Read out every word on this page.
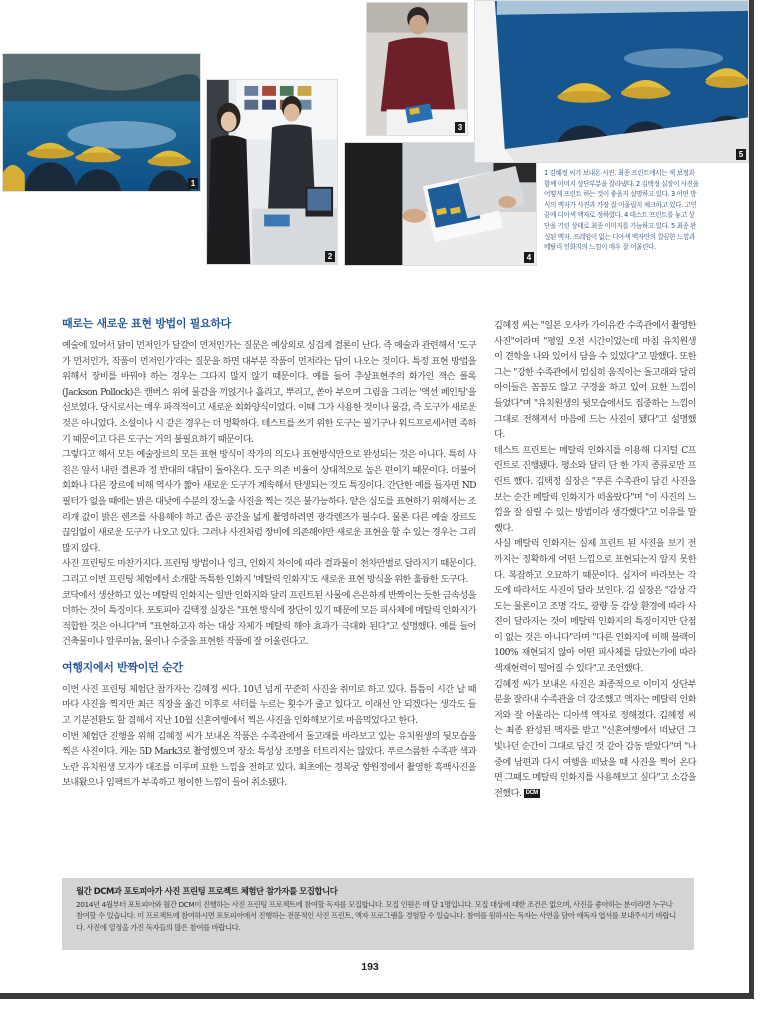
1
2
3
4
5
1 김혜정 씨가 보내온 사진. 최종 프린트에서는 색 보정과 함께 이미지 상단부분을 잘라냈다. 2 김택정 실장이 사진을 어떻게 프린트 하는 것이 좋을지 설명하고 있다. 3 어떤 방식의 액자가 사진과 가장 잘 어울릴지 체크하고 있다. 고민 끝에 디아섹 액자로 정하였다. 4 테스트 프린트를 놓고 상단을 기린 상태로 최종 이미지를 가늠하고 있다. 5 최종 완성된 액자. 프레임이 없는 디아섹 액자만의 깔끔한 느낌과 메탈릭 인화지의 느낌이 매우 잘 어울린다.
때로는 새로운 표현 방법이 필요하다

예술에 있어서 닭이 먼저인가 달걀이 먼저인가는 질문은 예상외로 싱겁게 결론이 난다. 즉 예술과 관련해서 '도구가 먼저인가, 작품이 먼저인가'라는 질문을 하면 대부분 작품이 먼저라는 답이 나오는 것이다. 특정 표현 방법을 위해서 장비를 바꿔야 하는 경우는 그다지 많지 않기 때문이다. 예를 들어 추상표현주의 화가인 잭슨 폴록(Jackson Pollock)은 캔버스 위에 물감을 끼얹거나 흘리고, 뿌리고, 쏟아 부으며 그림을 그리는 '액션 페인팅'을 선보였다. 당시로서는 매우 파격적이고 새로운 회화양식이었다. 이때 그가 사용한 것이나 물감, 즉 도구가 새로운 것은 아니었다. 소설이나 시 같은 경우는 더 명확하다. 테스트를 쓰기 위한 도구는 필기구나 워드프로세서면 족하기 때문이고 다른 도구는 거의 불필요하기 때문이다.

그렇다고 해서 모든 예술장르의 모든 표현 방식이 작가의 의도나 표현방식만으로 완성되는 것은 아니다. 특히 사진은 앞서 내린 결론과 정 반대의 대답이 돌아온다. 도구 의존 비율이 상대적으로 높은 편이기 때문이다. 더불어 회화나 다른 장르에 비해 역사가 짧아 새로운 도구가 계속해서 탄생되는 것도 특징이다. 간단한 예를 들자면 ND 필터가 없을 때에는 밝은 대낮에 수분의 장노출 사진을 찍는 것은 불가능하다. 얕은 심도를 표현하기 위해서는 조리개 값이 밝은 렌즈를 사용해야 하고 좁은 공간을 넓게 촬영하려면 광각렌즈가 필수다. 물론 다른 예술 장르도 끊임없이 새로운 도구가 나오고 있다. 그러나 사진처럼 장비에 의존해야만 새로운 표현을 할 수 있는 경우는 그리 많지 않다.

사진 프린팅도 마찬가지다. 프린팅 방법이나 잉크, 인화지 차이에 따라 결과물이 천차만별로 달라지기 때문이다. 그리고 이번 프린팅 체험에서 소개할 독특한 인화지 '메탈릭 인화지'도 새로운 표현 방식을 위한 훌륭한 도구다.

코닥에서 생산하고 있는 메탈릭 인화지는 일반 인화지와 달리 프린트된 사물에 은은하게 반짝이는 듯한 금속성을 더하는 것이 특징이다. 포토피아 김택정 실장은 "표현 방식에 장단이 있기 때문에 모든 피사체에 메탈릭 인화지가 적합한 것은 아니다"며 "표현하고자 하는 대상 자체가 메탈릭 해야 효과가 극대화 된다"고 설명했다. 예를 들어 건축물이나 알루미늄, 물이나 수중을 표현한 작품에 잘 어울린다고.

여행지에서 반짝이던 순간

이번 사진 프린팅 체험단 참가자는 김혜정 씨다. 10년 넘게 꾸준히 사진을 취미로 하고 있다. 틈틈이 시간 날 때 마다 사진을 찍지만 최근 직장을 옮긴 이후로 셔터를 누르는 횟수가 줄고 있다고. 이래선 안 되겠다는 생각도 들고 기분전환도 할 겸해서 지난 10월 신혼여행에서 찍은 사진을 인화해보기로 마음먹었다고 한다.

이번 체험단 진행을 위해 김혜정 씨가 보내온 작품은 수족관에서 돌고래를 바라보고 있는 유치원생의 뒷모습을 찍은 사진이다. 캐논 5D Mark3로 촬영했으며 장소 특성상 조명을 터트리지는 않았다. 푸르스름한 수족관 색과 노란 유치원생 모자가 대조를 이루며 묘한 느낌을 전하고 있다. 최초에는 경복궁 향원정에서 촬영한 흑백사진을 보내왔으나 임팩트가 부족하고 평이한 느낌이 들어 취소됐다.

김혜정 씨는 "일본 오사카 가이유칸 수족관에서 촬영한 사진"이라며 "평일 오전 시간이었는데 마침 유치원생이 견학을 나와 있어서 담을 수 있었다"고 말했다. 또한 그는 "강한 수족관에서 엄심히 움직이는 돌고래와 달리 아이들은 꼼꼼도 않고 구경을 하고 있어 묘한 느낌이 들었다"며 "유치원생의 뒷모습에서도 집중하는 느낌이 그대로 전해져서 마음에 드는 사진이 됐다"고 설명했다.

테스트 프린트는 메탈릭 인화지를 이용해 디지털 C프린트로 진행됐다. 평소와 달리 단 한 가지 종류로만 프린트 했다. 김택정 실장은 "푸른 수족관이 담긴 사진을 보는 순간 메탈릭 인화지가 떠올랐다"며 "이 사진의 느낌을 잘 살릴 수 있는 방법이라 생각했다"고 이유를 말했다.

사실 메탈릭 인화지는 실제 프린트 된 사진을 보기 전까지는 정확하게 어떤 느낌으로 표현되는지 알지 못한다. 복잡하고 오묘하기 때문이다. 심지어 바라보는 각도에 따라서도 사진이 달라 보인다. 김 실장은 "감상 각도는 물론이고 조명 각도, 광량 등 감상 환경에 따라 사진이 달라지는 것이 메탈릭 인화지의 특징이지만 단점이 없는 것은 아니다"라며 "다른 인화지에 비해 블랙이 100% 재현되지 않아 어떤 피사체를 담았는가에 따라 색재현력이 떨어질 수 있다"고 조언했다.

김혜정 씨가 보내온 사진은 최종적으로 이미지 상단부분을 잘라내 수족관을 더 강조했고 액자는 메탈릭 인화지와 잘 어울리는 디아섹 액자로 정해졌다. 김혜정 씨는 최종 완성된 액자를 받고 "신혼여행에서 떠났던 그 빛나던 순간이 그대로 담긴 것 같아 감동 받았다"며 "나중에 남편과 다시 여행을 떠났을 때 사진을 찍어 온다면 그때도 메탈릭 인화지를 사용해보고 싶다"고 소감을 전했다. DCM

월간 DCM과 포토피아가 사진 프린팅 프로젝트 체험단 참가자를 모집합니다
2014년 4월부터 포토피아와 월간 DCM이 진행하는 사진 프린팅 프로젝트에 참여할 독자를 모집합니다. 모집 인원은 매 달 1명입니다. 모집 대상에 대한 조건은 없으며, 사진을 좋아하는 분이라면 누구나 참여할 수 있습니다. 이 프로젝트에 참여하시면 포토피아에서 진행하는 전문적인 사진 프린트, 액자 프로그램을 경험할 수 있습니다. 참여를 원하시는 독자는 사연을 담아 애독자 엽서를 보내주시기 바랍니다. 사진에 열정을 가진 독자들의 많은 참여를 바랍니다.
193
